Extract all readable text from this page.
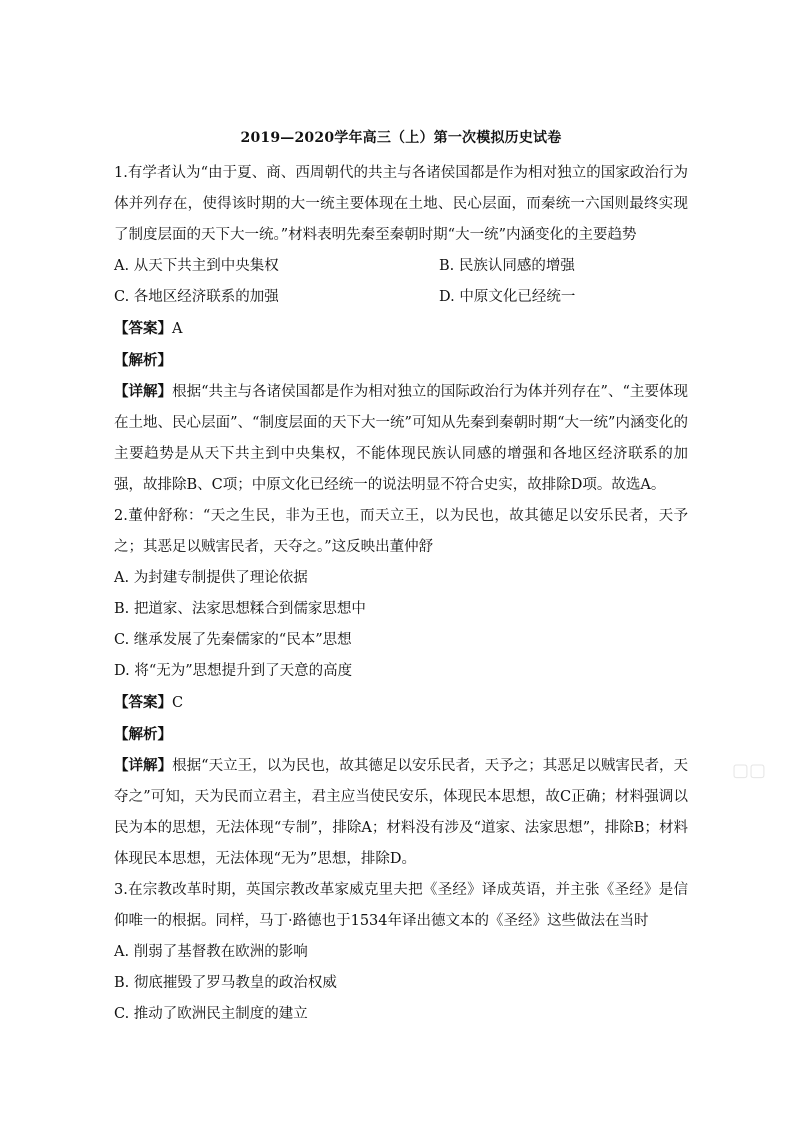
2019—2020学年高三（上）第一次模拟历史试卷

1.有学者认为“由于夏、商、西周朝代的共主与各诸侯国都是作为相对独立的国家政治行为体并列存在，使得该时期的大一统主要体现在土地、民心层面，而秦统一六国则最终实现了制度层面的天下大一统。”材料表明先秦至秦朝时期“大一统”内涵变化的主要趋势

A. 从天下共主到中央集权	B. 民族认同感的增强
C. 各地区经济联系的加强	D. 中原文化已经统一

【答案】A

【解析】

【详解】根据“共主与各诸侯国都是作为相对独立的国际政治行为体并列存在”、“主要体现在土地、民心层面”、“制度层面的天下大一统”可知从先秦到秦朝时期“大一统”内涵变化的主要趋势是从天下共主到中央集权，不能体现民族认同感的增强和各地区经济联系的加强，故排除B、C项；中原文化已经统一的说法明显不符合史实，故排除D项。故选A。

2.董仲舒称：“天之生民，非为王也，而天立王，以为民也，故其德足以安乐民者，天予之；其恶足以贼害民者，天夺之。”这反映出董仲舒

A. 为封建专制提供了理论依据
B. 把道家、法家思想糅合到儒家思想中
C. 继承发展了先秦儒家的“民本”思想
D. 将“无为”思想提升到了天意的高度

【答案】C

【解析】

【详解】根据“天立王，以为民也，故其德足以安乐民者，天予之；其恶足以贼害民者，天夺之”可知，天为民而立君主，君主应当使民安乐，体现民本思想，故C正确；材料强调以民为本的思想，无法体现“专制”，排除A；材料没有涉及“道家、法家思想”，排除B；材料体现民本思想，无法体现“无为”思想，排除D。

3.在宗教改革时期，英国宗教改革家威克里夫把《圣经》译成英语，并主张《圣经》是信仰唯一的根据。同样，马丁·路德也于1534年译出德文本的《圣经》这些做法在当时

A. 削弱了基督教在欧洲的影响
B. 彻底摧毁了罗马教皇的政治权威
C. 推动了欧洲民主制度的建立
▢▢
